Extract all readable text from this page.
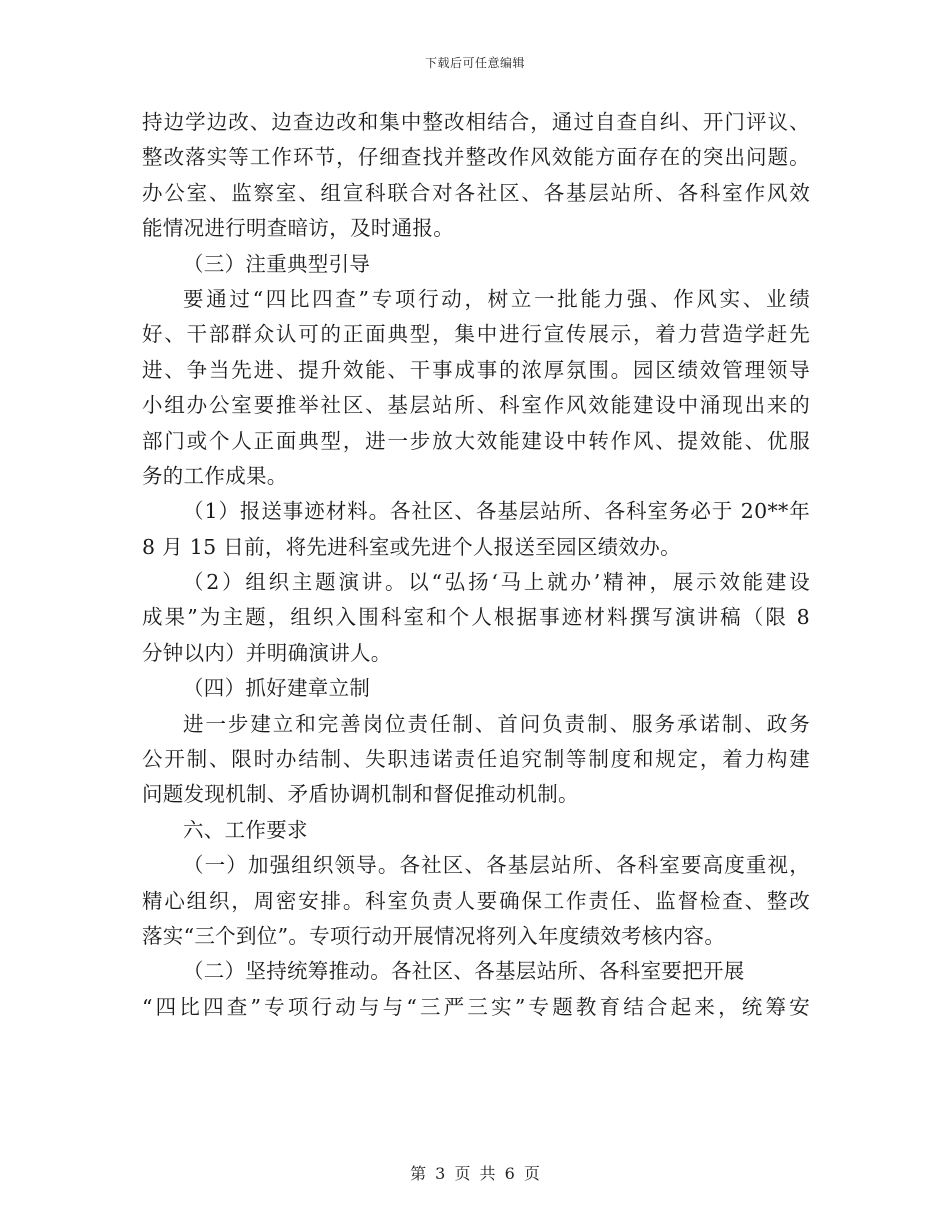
下载后可任意编辑
持边学边改、边查边改和集中整改相结合，通过自查自纠、开门评议、
整改落实等工作环节，仔细查找并整改作风效能方面存在的突出问题。
办公室、监察室、组宣科联合对各社区、各基层站所、各科室作风效
能情况进行明查暗访，及时通报。
（三）注重典型引导
要通过“四比四查”专项行动，树立一批能力强、作风实、业绩
好、干部群众认可的正面典型，集中进行宣传展示，着力营造学赶先
进、争当先进、提升效能、干事成事的浓厚氛围。园区绩效管理领导
小组办公室要推举社区、基层站所、科室作风效能建设中涌现出来的
部门或个人正面典型，进一步放大效能建设中转作风、提效能、优服
务的工作成果。
（1）报送事迹材料。各社区、各基层站所、各科室务必于 20**年
8 月 15 日前，将先进科室或先进个人报送至园区绩效办。
（2）组织主题演讲。以“弘扬‘马上就办’精神，展示效能建设
成果”为主题，组织入围科室和个人根据事迹材料撰写演讲稿（限 8
分钟以内）并明确演讲人。
（四）抓好建章立制
进一步建立和完善岗位责任制、首问负责制、服务承诺制、政务
公开制、限时办结制、失职违诺责任追究制等制度和规定，着力构建
问题发现机制、矛盾协调机制和督促推动机制。
六、工作要求
（一）加强组织领导。各社区、各基层站所、各科室要高度重视，
精心组织，周密安排。科室负责人要确保工作责任、监督检查、整改
落实“三个到位”。专项行动开展情况将列入年度绩效考核内容。
（二）坚持统筹推动。各社区、各基层站所、各科室要把开展
“四比四查”专项行动与与“三严三实”专题教育结合起来，统筹安
第 3 页 共 6 页
